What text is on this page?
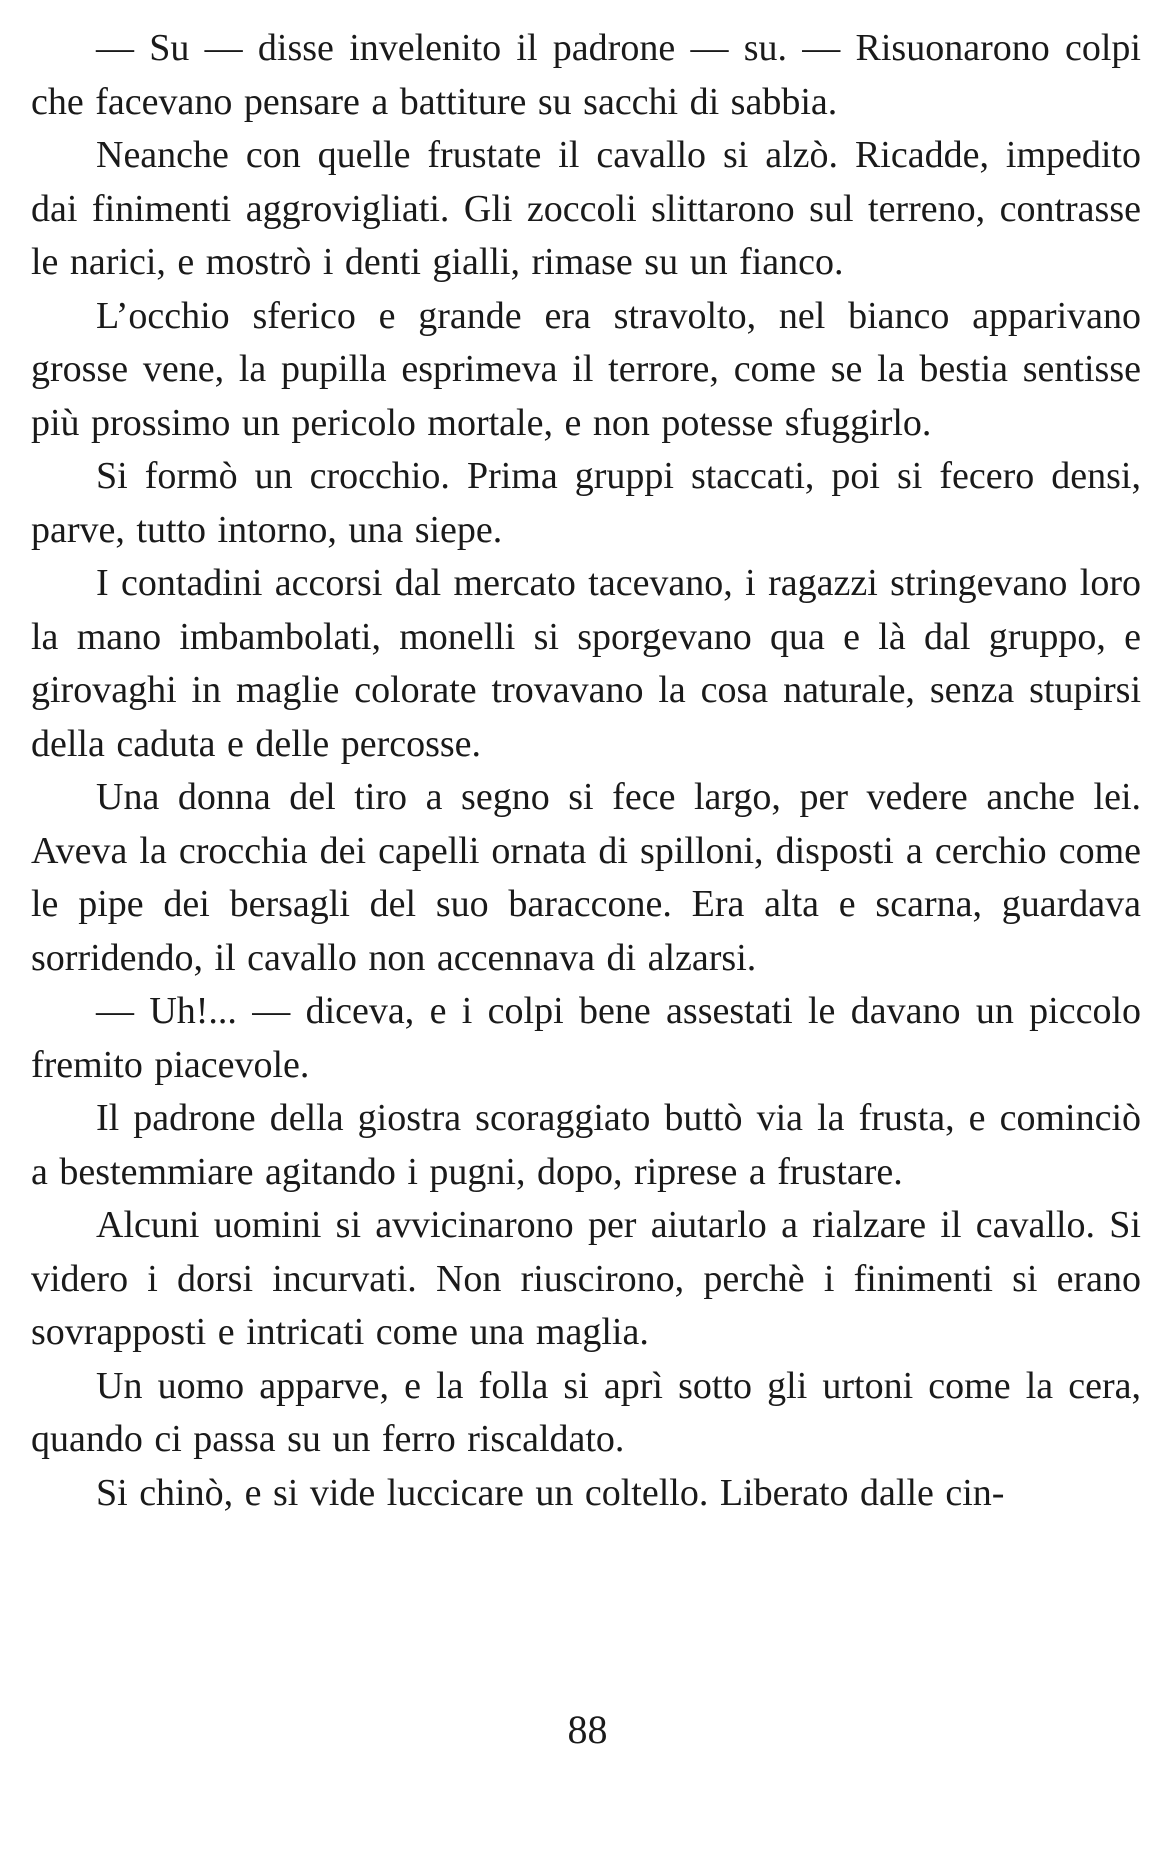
— Su — disse invelenito il padrone — su. — Risuonarono colpi che facevano pensare a battiture su sacchi di sabbia.

Neanche con quelle frustate il cavallo si alzò. Ricadde, impedito dai finimenti aggrovigliati. Gli zoccoli slittarono sul terreno, contrasse le narici, e mostrò i denti gialli, rimase su un fianco.

L’occhio sferico e grande era stravolto, nel bianco apparivano grosse vene, la pupilla esprimeva il terrore, come se la bestia sentisse più prossimo un pericolo mortale, e non potesse sfuggirlo.

Si formò un crocchio. Prima gruppi staccati, poi si fecero densi, parve, tutto intorno, una siepe.

I contadini accorsi dal mercato tacevano, i ragazzi stringevano loro la mano imbambolati, monelli si sporgevano qua e là dal gruppo, e girovaghi in maglie colorate trovavano la cosa naturale, senza stupirsi della caduta e delle percosse.

Una donna del tiro a segno si fece largo, per vedere anche lei. Aveva la crocchia dei capelli ornata di spilloni, disposti a cerchio come le pipe dei bersagli del suo baraccone. Era alta e scarna, guardava sorridendo, il cavallo non accennava di alzarsi.

— Uh!... — diceva, e i colpi bene assestati le davano un piccolo fremito piacevole.

Il padrone della giostra scoraggiato buttò via la frusta, e cominciò a bestemmiare agitando i pugni, dopo, riprese a frustare.

Alcuni uomini si avvicinarono per aiutarlo a rialzare il cavallo. Si videro i dorsi incurvati. Non riuscirono, perchè i finimenti si erano sovrapposti e intricati come una maglia.

Un uomo apparve, e la folla si aprì sotto gli urtoni come la cera, quando ci passa su un ferro riscaldato.

Si chinò, e si vide luccicare un coltello. Liberato dalle cin-

88
